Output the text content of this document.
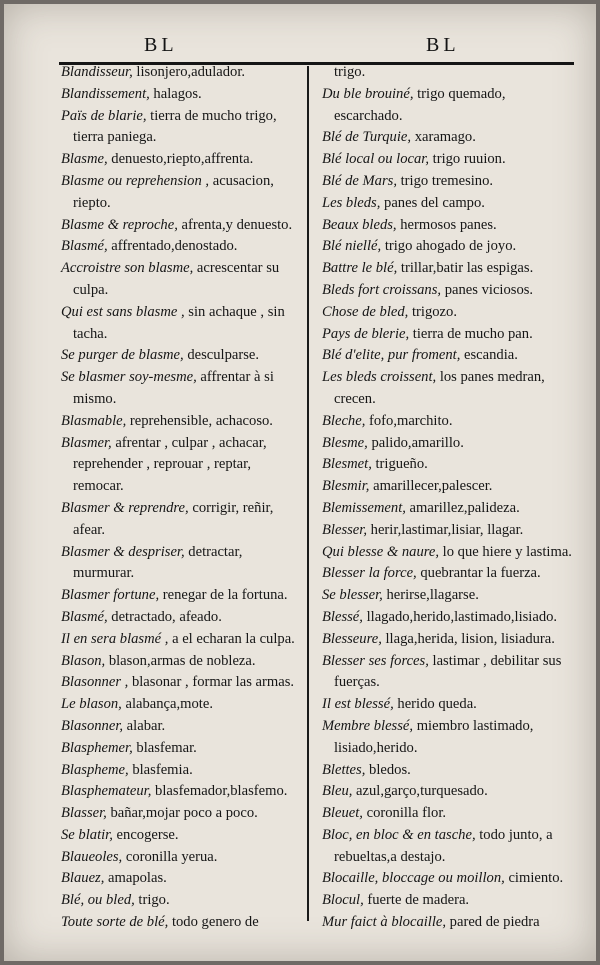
BL	BL
Blandisseur, lisonjero,adulador.
Blandissement, halagos.
Païs de blarie, tierra de mucho trigo, tierra paniega.
Blasme, denuesto,riepto,affrenta.
Blasme ou reprehension , acusacion, riepto.
Blasme & reproche, afrenta,y denuesto.
Blasmé, affrentado,denostado.
Accroistre son blasme, acrescentar su culpa.
Qui est sans blasme , sin achaque , sin tacha.
Se purger de blasme, desculparse.
Se blasmer soy-mesme, affrentar à si mismo.
Blasmable, reprehensible, achacoso.
Blasmer, afrentar , culpar , achacar, reprehender , reprouar , reptar, remocar.
Blasmer & reprendre, corrigir, reñir, afear.
Blasmer & despriser, detractar, murmurar.
Blasmer fortune, renegar de la fortuna.
Blasmé, detractado, afeado.
Il en sera blasmé , a el echaran la culpa.
Blason, blason,armas de nobleza.
Blasonner , blasonar , formar las armas.
Le blason, alabança,mote.
Blasonner, alabar.
Blasphemer, blasfemar.
Blaspheme, blasfemia.
Blasphemateur, blasfemador,blasfemo.
Blasser, bañar,mojar poco a poco.
Se blatir, encogerse.
Blaueoles, coronilla yerua.
Blauez, amapolas.
Blé, ou bled, trigo.
Toute sorte de blé, todo genero de
trigo.
Du ble brouiné, trigo quemado, escarchado.
Blé de Turquie, xaramago.
Blé local ou locar, trigo ruuion.
Blé de Mars, trigo tremesino.
Les bleds, panes del campo.
Beaux bleds, hermosos panes.
Blé niellé, trigo ahogado de joyo.
Battre le blé, trillar,batir las espigas.
Bleds fort croissans, panes viciosos.
Chose de bled, trigozo.
Pays de blerie, tierra de mucho pan.
Blé d'elite, pur froment, escandia.
Les bleds croissent, los panes medran, crecen.
Bleche, fofo,marchito.
Blesme, palido,amarillo.
Blesmet, trigueño.
Blesmir, amarillecer,palescer.
Blemissement, amarillez,palideza.
Blesser, herir,lastimar,lisiar, llagar.
Qui blesse & naure, lo que hiere y lastima.
Blesser la force, quebrantar la fuerza.
Se blesser, herirse,llagarse.
Blessé, llagado,herido,lastimado,lisiado.
Blesseure, llaga,herida, lision, lisiadura.
Blesser ses forces, lastimar , debilitar sus fuerças.
Il est blessé, herido queda.
Membre blessé, miembro lastimado, lisiado,herido.
Blettes, bledos.
Bleu, azul,garço,turquesado.
Bleuet, coronilla flor.
Bloc, en bloc & en tasche, todo junto, a rebueltas,a destajo.
Blocaille, bloccage ou moillon, cimiento.
Blocul, fuerte de madera.
Mur faict à blocaille, pared de piedra
